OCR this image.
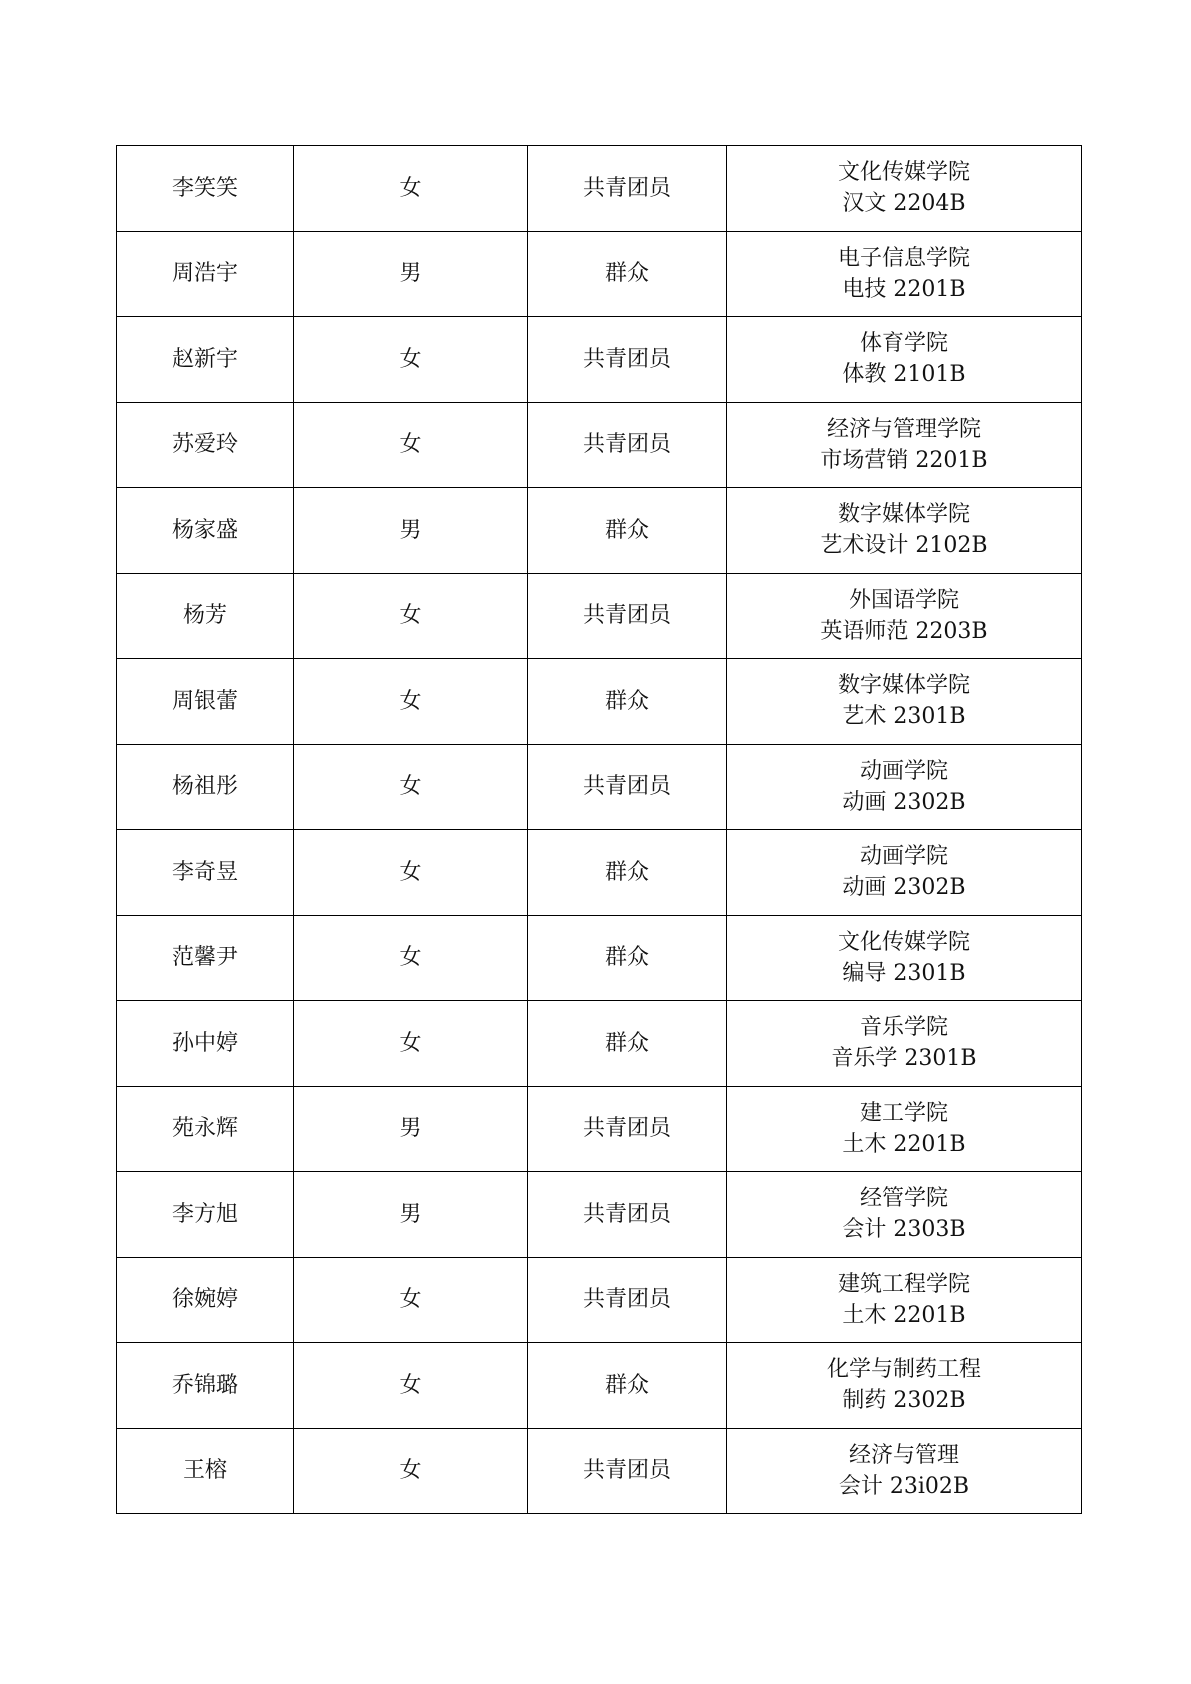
李笑笑	女	共青团员	文化传媒学院
汉文 2204B

周浩宇	男	群众	电子信息学院
电技 2201B

赵新宇	女	共青团员	体育学院
体教 2101B

苏爱玲	女	共青团员	经济与管理学院
市场营销 2201B

杨家盛	男	群众	数字媒体学院
艺术设计 2102B

杨芳	女	共青团员	外国语学院
英语师范 2203B

周银蕾	女	群众	数字媒体学院
艺术 2301B

杨祖彤	女	共青团员	动画学院
动画 2302B

李奇昱	女	群众	动画学院
动画 2302B

范馨尹	女	群众	文化传媒学院
编导 2301B

孙中婷	女	群众	音乐学院
音乐学 2301B

苑永辉	男	共青团员	建工学院
土木 2201B

李方旭	男	共青团员	经管学院
会计 2303B

徐婉婷	女	共青团员	建筑工程学院
土木 2201B

乔锦璐	女	群众	化学与制药工程
制药 2302B

王榕	女	共青团员	经济与管理
会计 23i02B
